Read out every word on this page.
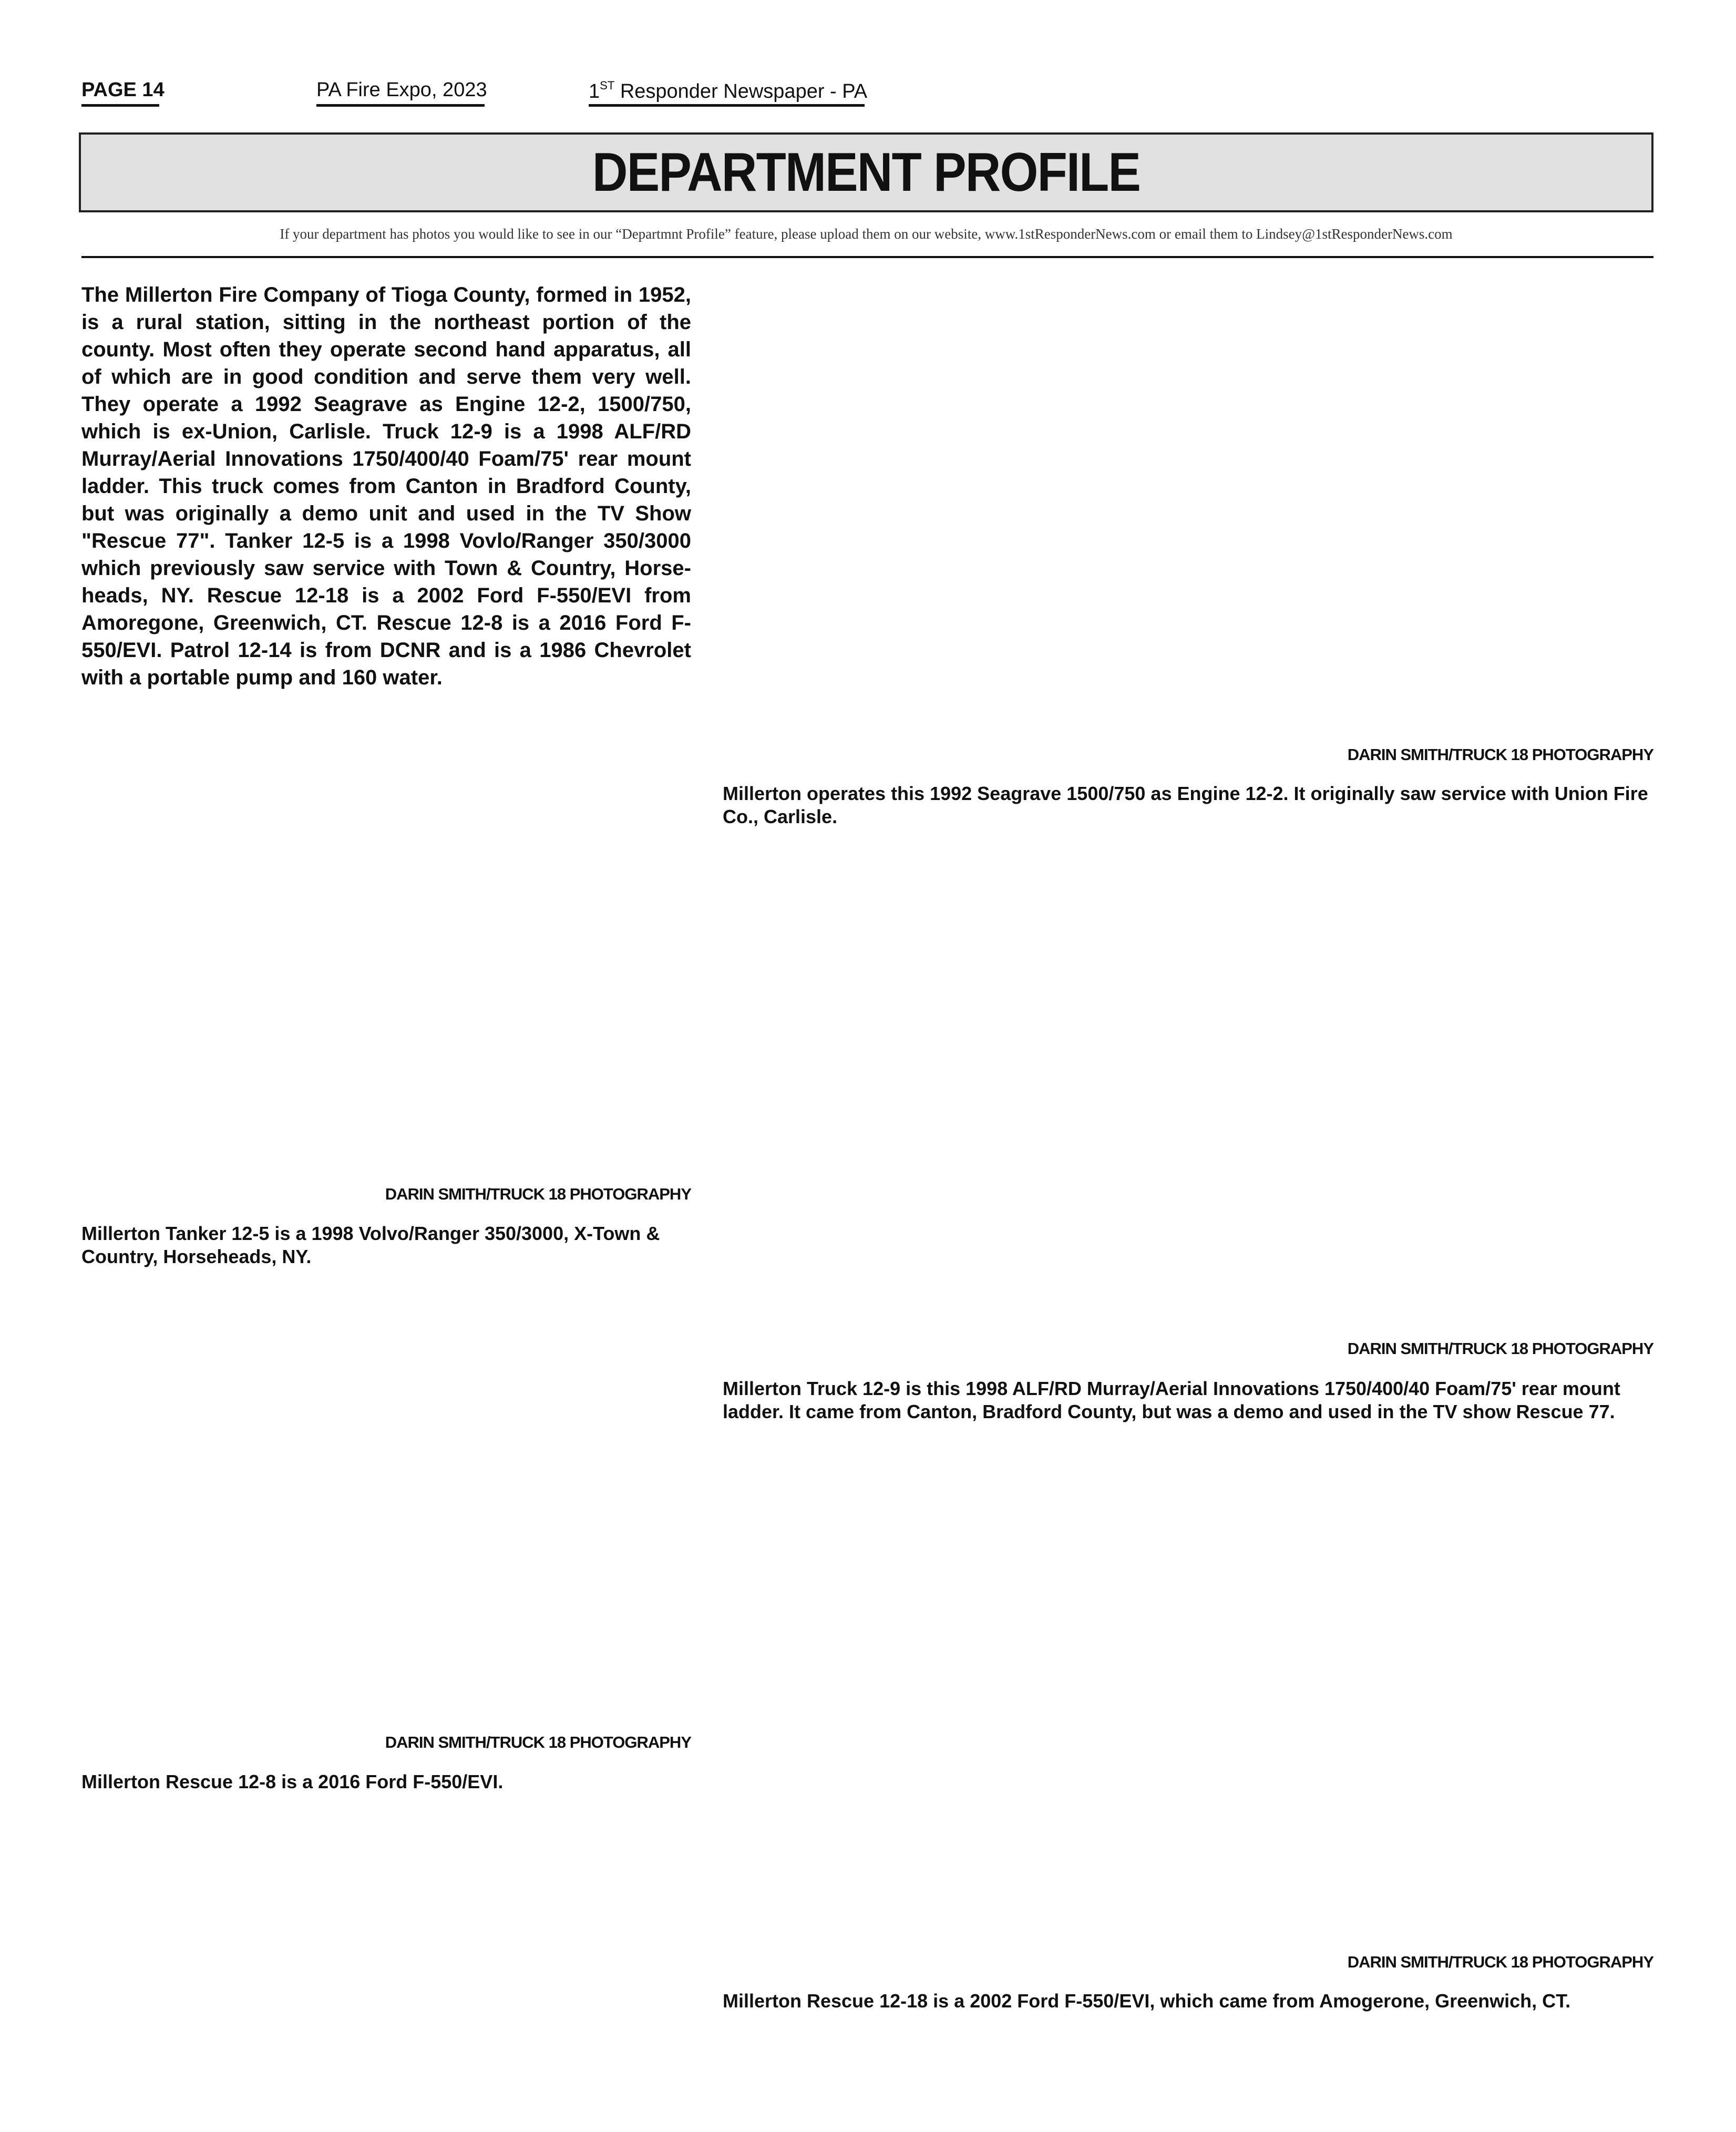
PAGE 14	PA Fire Expo, 2023	1ST Responder Newspaper - PA
DEPARTMENT PROFILE
If your department has photos you would like to see in our “Departmnt Profile” feature, please upload them on our website, www.1stResponderNews.com or email them to Lindsey@1stResponderNews.com

The Millerton Fire Company of Tioga County, formed in 1952, is a rural station, sitting in the northeast portion of the county. Most often they operate second hand apparatus, all of which are in good condition and serve them very well. They operate a 1992 Seagrave as Engine 12-2, 1500/750, which is ex-Union, Carlisle. Truck 12-9 is a 1998 ALF/RD Murray/Aerial Innovations 1750/400/40 Foam/75' rear mount ladder. This truck comes from Canton in Bradford County, but was originally a demo unit and used in the TV Show "Rescue 77". Tanker 12-5 is a 1998 Vovlo/Ranger 350/3000 which previously saw service with Town & Country, Horse-heads, NY. Rescue 12-18 is a 2002 Ford F-550/EVI from Amoregone, Greenwich, CT. Rescue 12-8 is a 2016 Ford F-550/EVI. Patrol 12-14 is from DCNR and is a 1986 Chevrolet with a portable pump and 160 water.

DARIN SMITH/TRUCK 18 PHOTOGRAPHY

Millerton operates this 1992 Seagrave 1500/750 as Engine 12-2. It originally saw service with Union Fire Co., Carlisle.

DARIN SMITH/TRUCK 18 PHOTOGRAPHY

Millerton Tanker 12-5 is a 1998 Volvo/Ranger 350/3000, X-Town & Country, Horseheads, NY.

DARIN SMITH/TRUCK 18 PHOTOGRAPHY

Millerton Truck 12-9 is this 1998 ALF/RD Murray/Aerial Innovations 1750/400/40 Foam/75' rear mount ladder. It came from Canton, Bradford County, but was a demo and used in the TV show Rescue 77.

DARIN SMITH/TRUCK 18 PHOTOGRAPHY

Millerton Rescue 12-8 is a 2016 Ford F-550/EVI.

DARIN SMITH/TRUCK 18 PHOTOGRAPHY

Millerton Rescue 12-18 is a 2002 Ford F-550/EVI, which came from Amogerone, Greenwich, CT.
